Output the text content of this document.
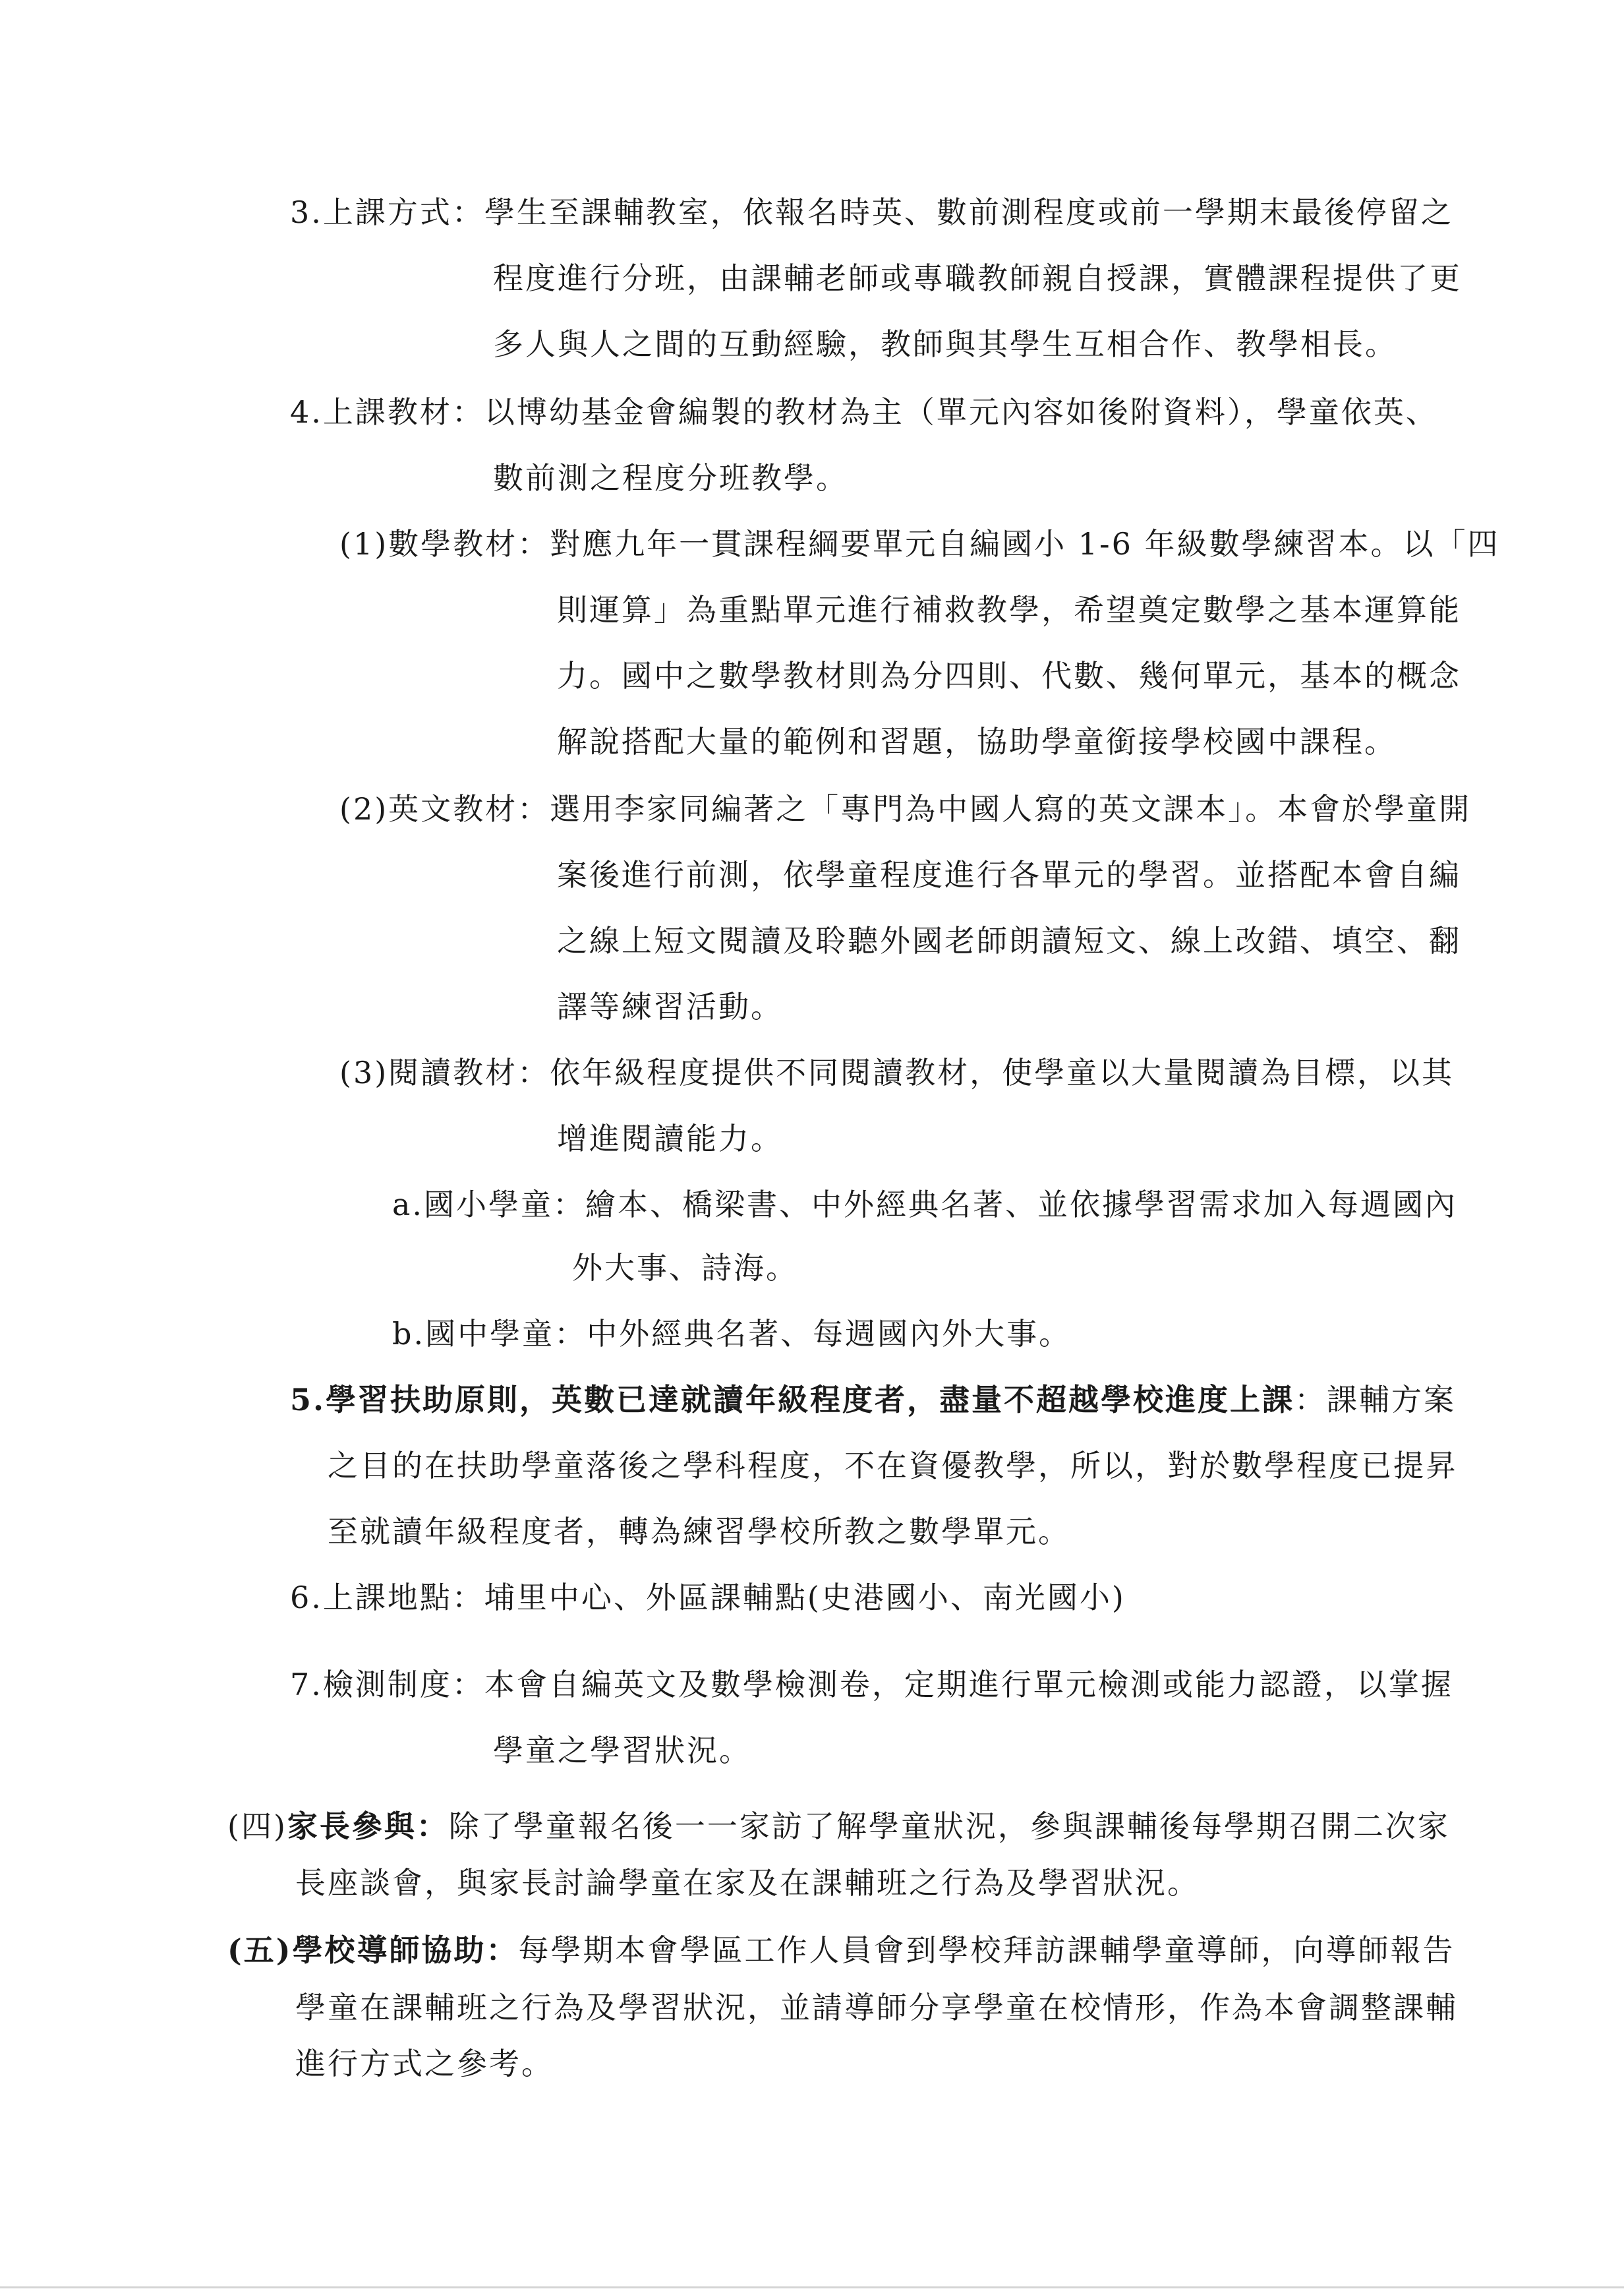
3.上課方式：學生至課輔教室，依報名時英、數前測程度或前一學期末最後停留之
程度進行分班，由課輔老師或專職教師親自授課，實體課程提供了更
多人與人之間的互動經驗，教師與其學生互相合作、教學相長。
4.上課教材：以博幼基金會編製的教材為主（單元內容如後附資料），學童依英、
數前測之程度分班教學。
(1)數學教材：對應九年一貫課程綱要單元自編國小 1-6 年級數學練習本。以「四
則運算」為重點單元進行補救教學，希望奠定數學之基本運算能
力。國中之數學教材則為分四則、代數、幾何單元，基本的概念
解說搭配大量的範例和習題，協助學童銜接學校國中課程。
(2)英文教材：選用李家同編著之「專門為中國人寫的英文課本」。本會於學童開
案後進行前測，依學童程度進行各單元的學習。並搭配本會自編
之線上短文閱讀及聆聽外國老師朗讀短文、線上改錯、填空、翻
譯等練習活動。
(3)閱讀教材：依年級程度提供不同閱讀教材，使學童以大量閱讀為目標，以其
增進閱讀能力。
a.國小學童：繪本、橋梁書、中外經典名著、並依據學習需求加入每週國內
外大事、詩海。
b.國中學童：中外經典名著、每週國內外大事。
5.學習扶助原則，英數已達就讀年級程度者，盡量不超越學校進度上課：課輔方案
之目的在扶助學童落後之學科程度，不在資優教學，所以，對於數學程度已提昇
至就讀年級程度者，轉為練習學校所教之數學單元。
6.上課地點：埔里中心、外區課輔點(史港國小、南光國小)
7.檢測制度：本會自編英文及數學檢測卷，定期進行單元檢測或能力認證，以掌握
學童之學習狀況。
(四)家長參與：除了學童報名後一一家訪了解學童狀況，參與課輔後每學期召開二次家
長座談會，與家長討論學童在家及在課輔班之行為及學習狀況。
(五)學校導師協助：每學期本會學區工作人員會到學校拜訪課輔學童導師，向導師報告
學童在課輔班之行為及學習狀況，並請導師分享學童在校情形，作為本會調整課輔
進行方式之參考。
